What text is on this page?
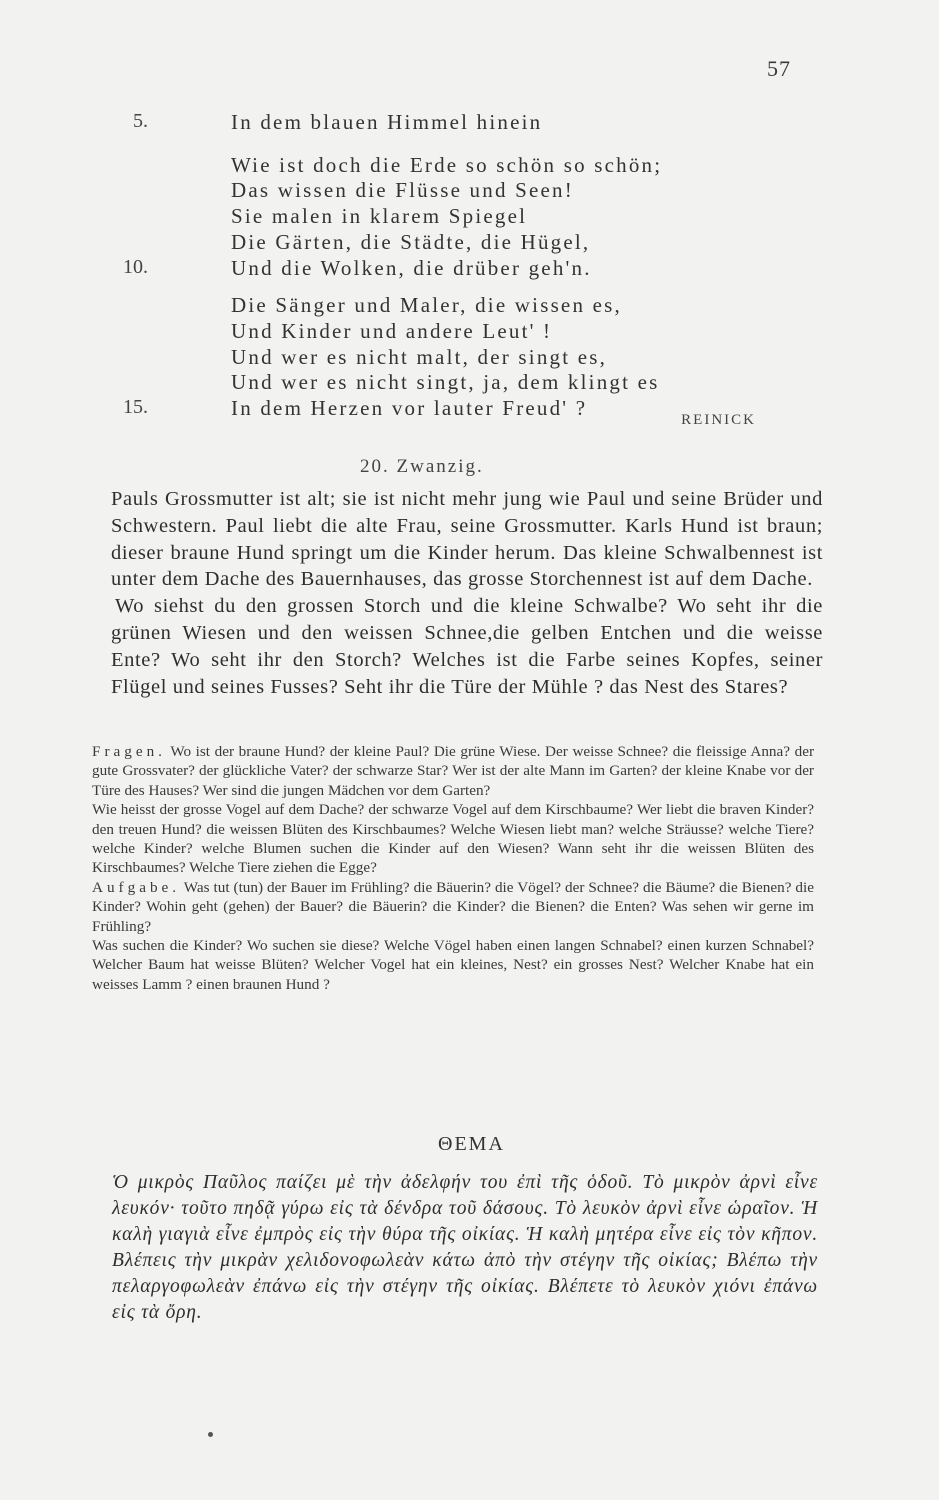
57
5.
10.
15.
In dem blauen Himmel hinein
Wie ist doch die Erde so schön so schön;
Das wissen die Flüsse und Seen!
Sie malen in klarem Spiegel
Die Gärten, die Städte, die Hügel,
Und die Wolken, die drüber geh'n.
Die Sänger und Maler, die wissen es,
Und Kinder und andere Leut' !
Und wer es nicht malt, der singt es,
Und wer es nicht singt, ja, dem klingt es
In dem Herzen vor lauter Freud' ?	REINICK
20. Zwanzig.

Pauls Grossmutter ist alt; sie ist nicht mehr jung wie Paul und seine Brüder und Schwestern. Paul liebt die alte Frau, seine Grossmutter. Karls Hund ist braun; dieser braune Hund springt um die Kinder herum. Das kleine Schwalbennest ist unter dem Dache des Bauernhauses, das grosse Storchennest ist auf dem Dache.

Wo siehst du den grossen Storch und die kleine Schwalbe? Wo seht ihr die grünen Wiesen und den weissen Schnee,die gelben Entchen und die weisse Ente? Wo seht ihr den Storch? Welches ist die Farbe seines Kopfes, seiner Flügel und seines Fusses? Seht ihr die Türe der Mühle ? das Nest des Stares?

Fragen. Wo ist der braune Hund? der kleine Paul? Die grüne Wiese. Der weisse Schnee? die fleissige Anna? der gute Grossvater? der glückliche Vater? der schwarze Star? Wer ist der alte Mann im Garten? der kleine Knabe vor der Türe des Hauses? Wer sind die jungen Mädchen vor dem Garten?

Wie heisst der grosse Vogel auf dem Dache? der schwarze Vogel auf dem Kirschbaume? Wer liebt die braven Kinder? den treuen Hund? die weissen Blüten des Kirschbaumes? Welche Wiesen liebt man? welche Sträusse? welche Tiere? welche Kinder? welche Blumen suchen die Kinder auf den Wiesen? Wann seht ihr die weissen Blüten des Kirschbaumes? Welche Tiere ziehen die Egge?

Aufgabe. Was tut (tun) der Bauer im Frühling? die Bäuerin? die Vögel? der Schnee? die Bäume? die Bienen? die Kinder? Wohin geht (gehen) der Bauer? die Bäuerin? die Kinder? die Bienen? die Enten? Was sehen wir gerne im Frühling?

Was suchen die Kinder? Wo suchen sie diese? Welche Vögel haben einen langen Schnabel? einen kurzen Schnabel? Welcher Baum hat weisse Blüten? Welcher Vogel hat ein kleines, Nest? ein grosses Nest? Welcher Knabe hat ein weisses Lamm ? einen braunen Hund ?

ΘΕΜΑ

Ὁ μικρὸς Παῦλος παίζει μὲ τὴν ἀδελφήν του ἐπὶ τῆς ὁδοῦ. Τὸ μικρὸν ἀρνὶ εἶνε λευκόν· τοῦτο πηδᾷ γύρω εἰς τὰ δένδρα τοῦ δάσους. Τὸ λευκὸν ἀρνὶ εἶνε ὡραῖον. Ἡ καλὴ γιαγιὰ εἶνε ἐμπρὸς εἰς τὴν θύρα τῆς οἰκίας. Ἡ καλὴ μητέρα εἶνε εἰς τὸν κῆπον. Βλέπεις τὴν μικρὰν χελιδονοφωλεὰν κάτω ἀπὸ τὴν στέγην τῆς οἰκίας; Βλέπω τὴν πελαργοφωλεὰν ἐπάνω εἰς τὴν στέγην τῆς οἰκίας. Βλέπετε τὸ λευκὸν χιόνι ἐπάνω εἰς τὰ ὄρη.
